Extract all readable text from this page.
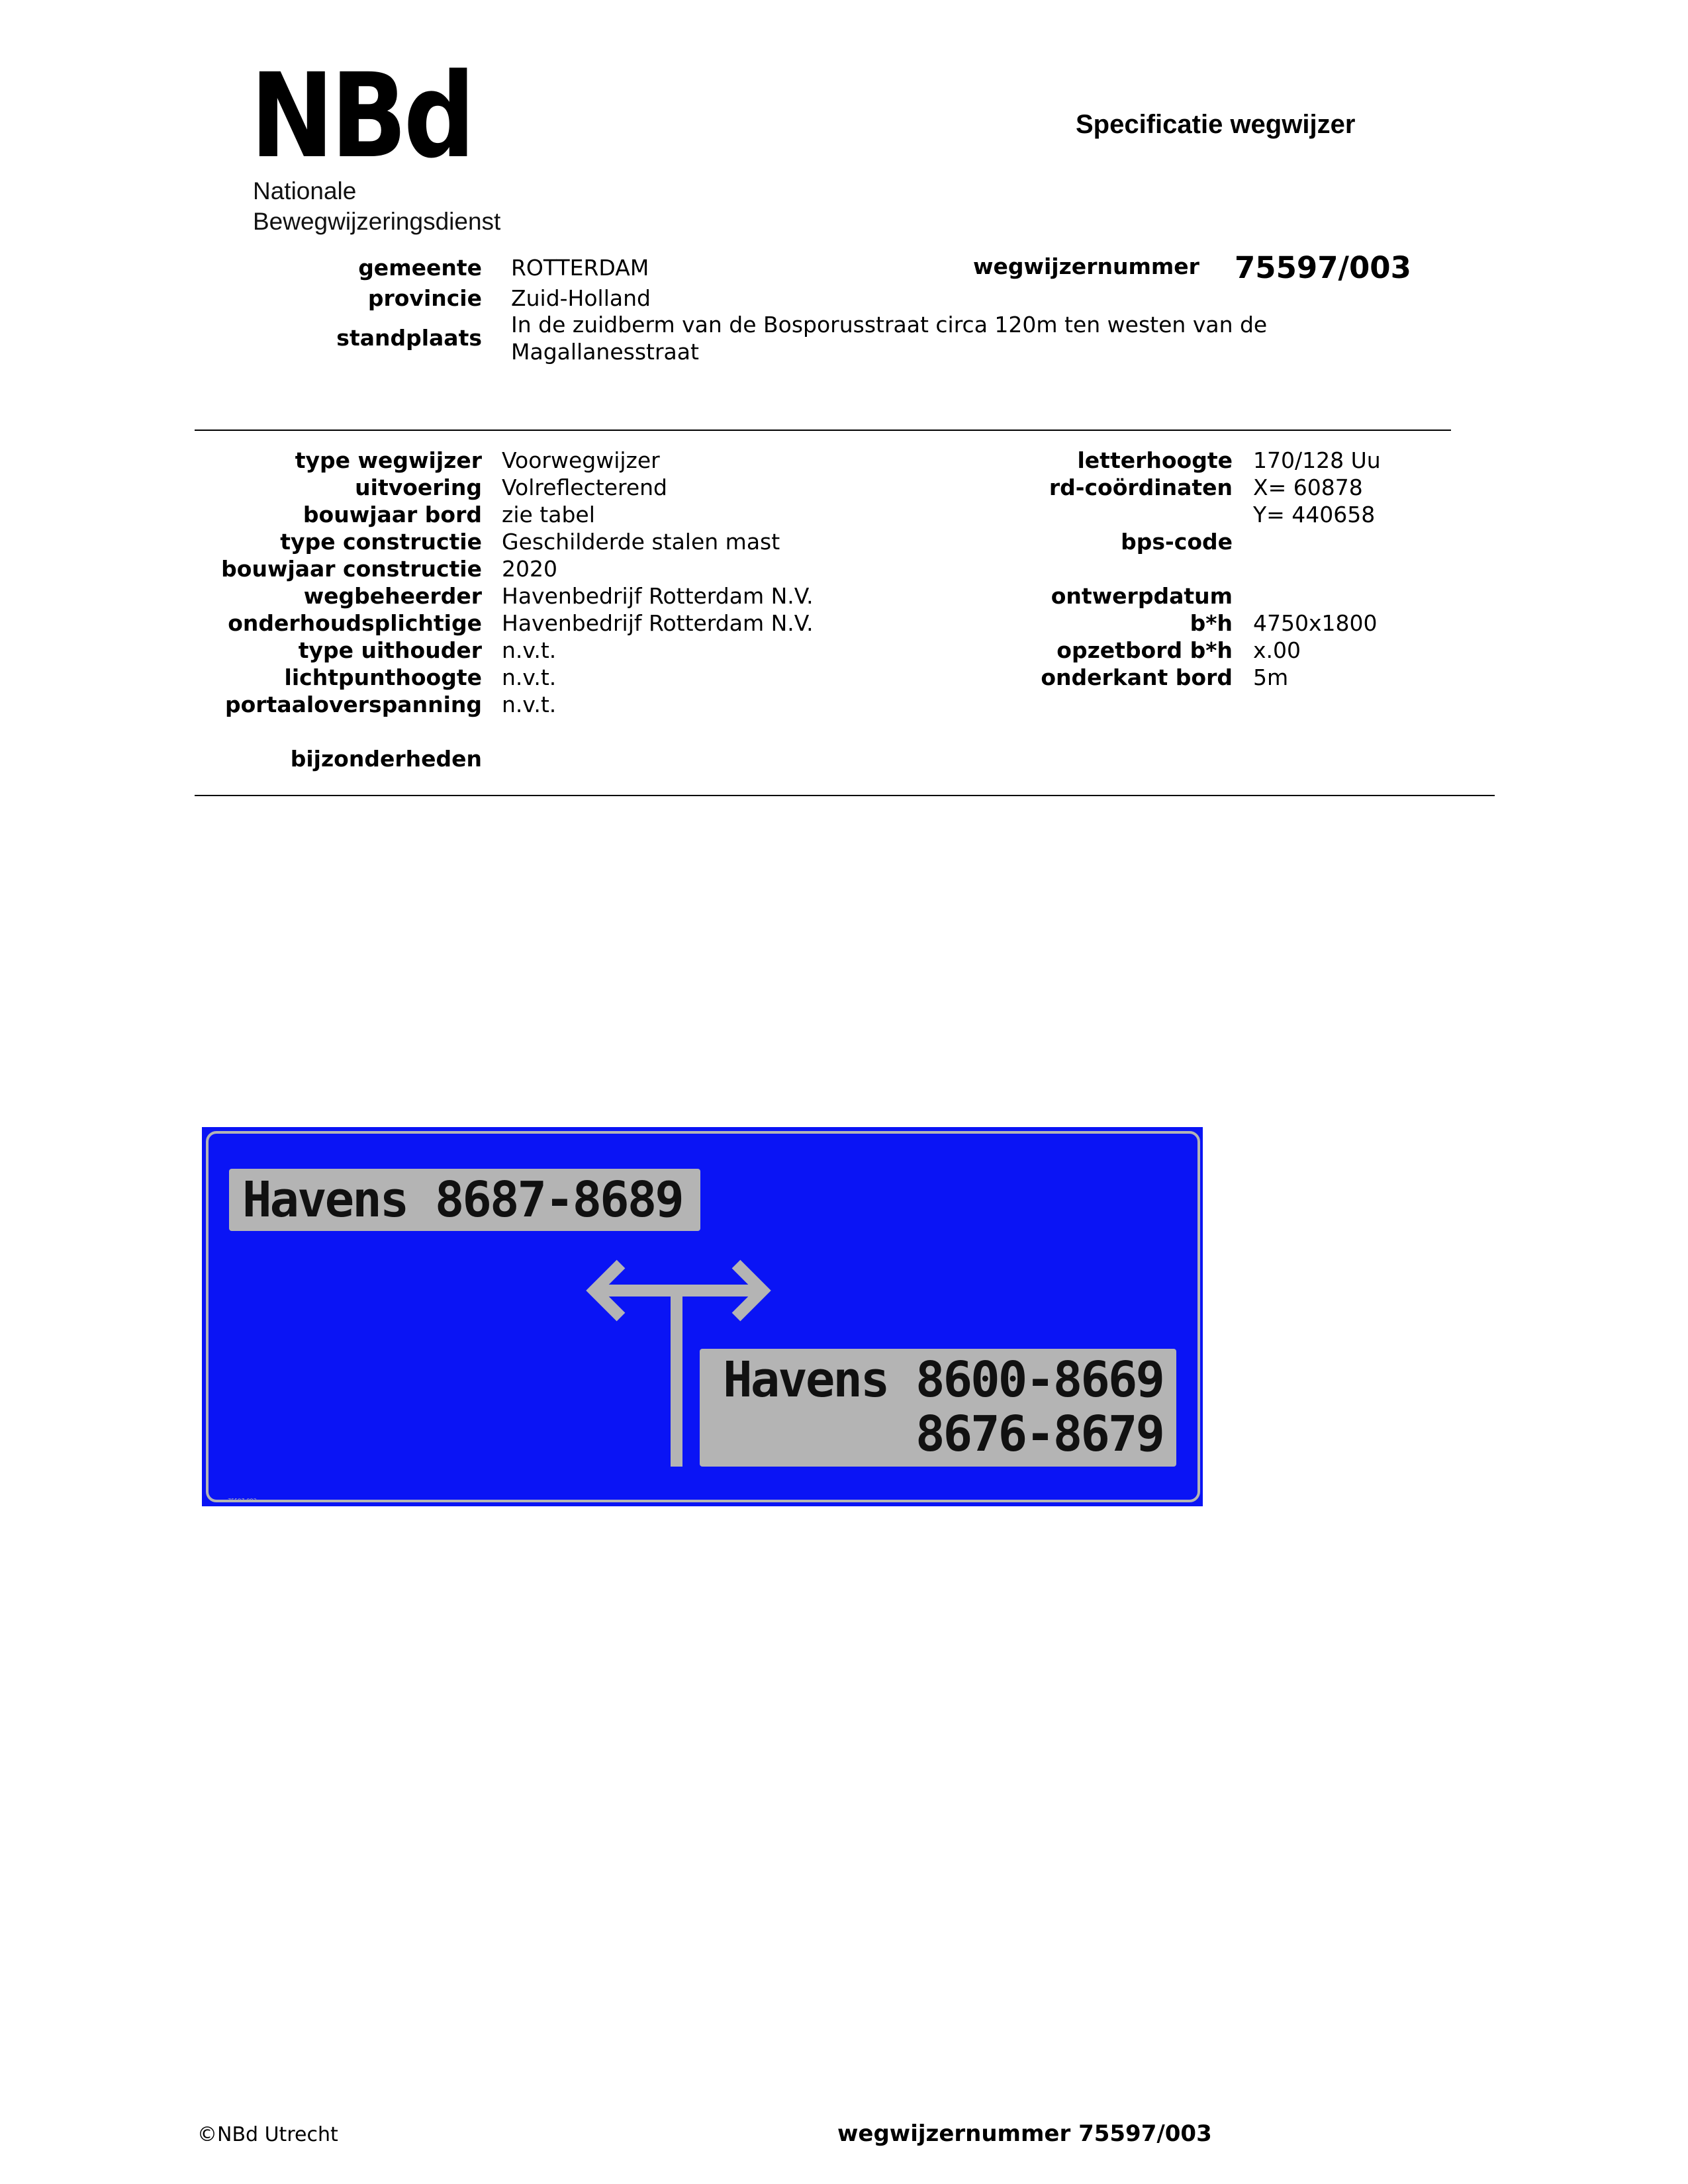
NBd
Nationale
Bewegwijzeringsdienst
Specificatie wegwijzer
gemeente ROTTERDAM
provincie Zuid-Holland
standplaats
In de zuidberm van de Bosporusstraat circa 120m ten westen van de
Magallanesstraat
wegwijzernummer 75597/003
type wegwijzer
uitvoering
bouwjaar bord
type constructie
bouwjaar constructie
wegbeheerder
onderhoudsplichtige
type uithouder
lichtpunthoogte
portaaloverspanning
Voorwegwijzer
Volreflecterend
zie tabel
Geschilderde stalen mast
2020
Havenbedrijf Rotterdam N.V.
Havenbedrijf Rotterdam N.V.
n.v.t.
n.v.t.
n.v.t.
letterhoogte
rd-coördinaten
bps-code
ontwerpdatum
b*h
opzetbord b*h
onderkant bord
170/128 Uu
X= 60878
Y= 440658
4750x1800
x.00
5m
bijzonderheden
Havens 8687-8689
Havens 8600-8669
8676-8679
75597-003
©NBd Utrecht	wegwijzernummer 75597/003
